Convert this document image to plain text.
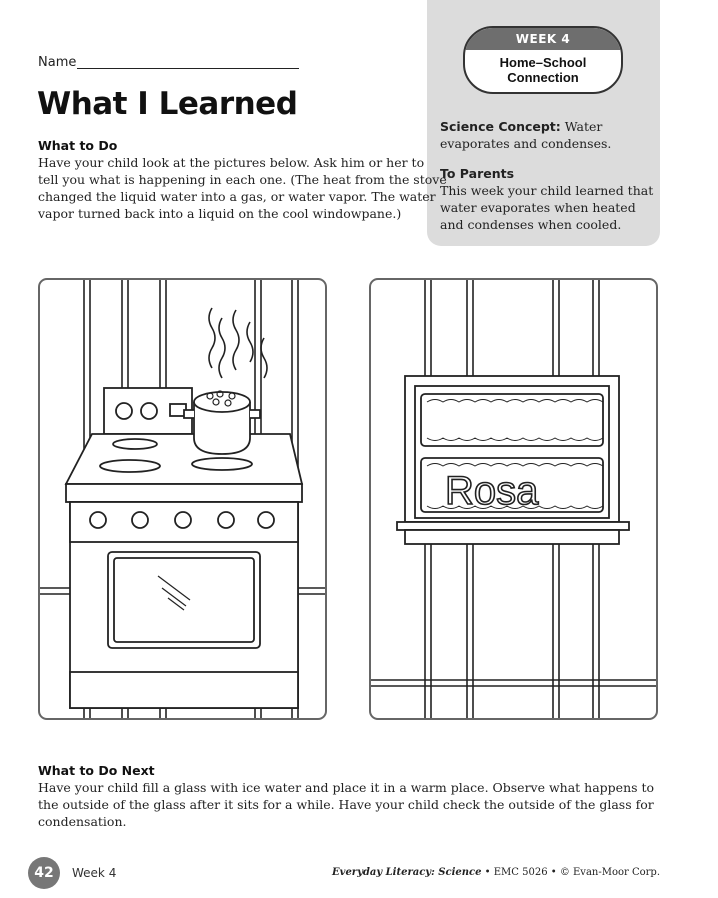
WEEK 4
Home–School
Connection
Science Concept: Water evaporates and condenses.
To Parents
This week your child learned that water evaporates when heated and condenses when cooled.
Name
What I Learned
What to Do
Have your child look at the pictures below. Ask him or her to
tell you what is happening in each one. (The heat from the stove
changed the liquid water into a gas, or water vapor. The water
vapor turned back into a liquid on the cool windowpane.)
Rosa
What to Do Next
Have your child fill a glass with ice water and place it in a warm place. Observe what happens to
the outside of the glass after it sits for a while. Have your child check the outside of the glass for
condensation.
42	Week 4	Everyday Literacy: Science • EMC 5026 • © Evan-Moor Corp.
